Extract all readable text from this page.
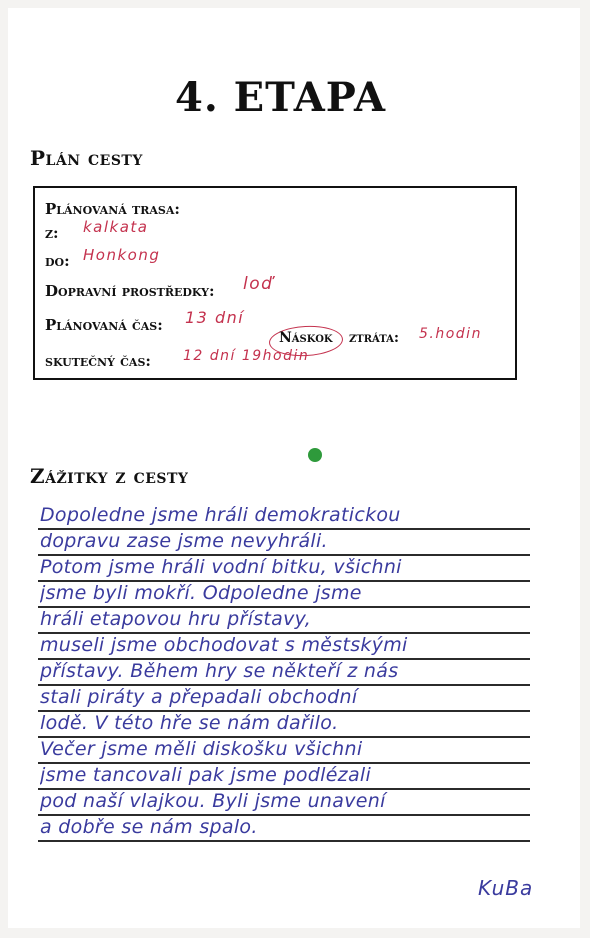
4. ETAPA
Plán cesty
Plánovaná trasa:
z: kalkata
do: Honkong
Dopravní prostředky: loď
Plánovaná čas: 13 dní
Náskok ztráta: 5.hodin
skutečný čas: 12 dní 19hodin
Zážitky z cesty
Dopoledne jsme hráli demokratickou
dopravu zase jsme nevyhráli.
Potom jsme hráli vodní bitku, všichni
jsme byli mokří. Odpoledne jsme
hráli etapovou hru přístavy,
museli jsme obchodovat s městskými
přístavy. Během hry se někteří z nás
stali piráty a přepadali obchodní
lodě. V této hře se nám dařilo.
Večer jsme měli diskošku všichni
jsme tancovali pak jsme podlézali
pod naší vlajkou. Byli jsme unavení
a dobře se nám spalo.
KuBa
